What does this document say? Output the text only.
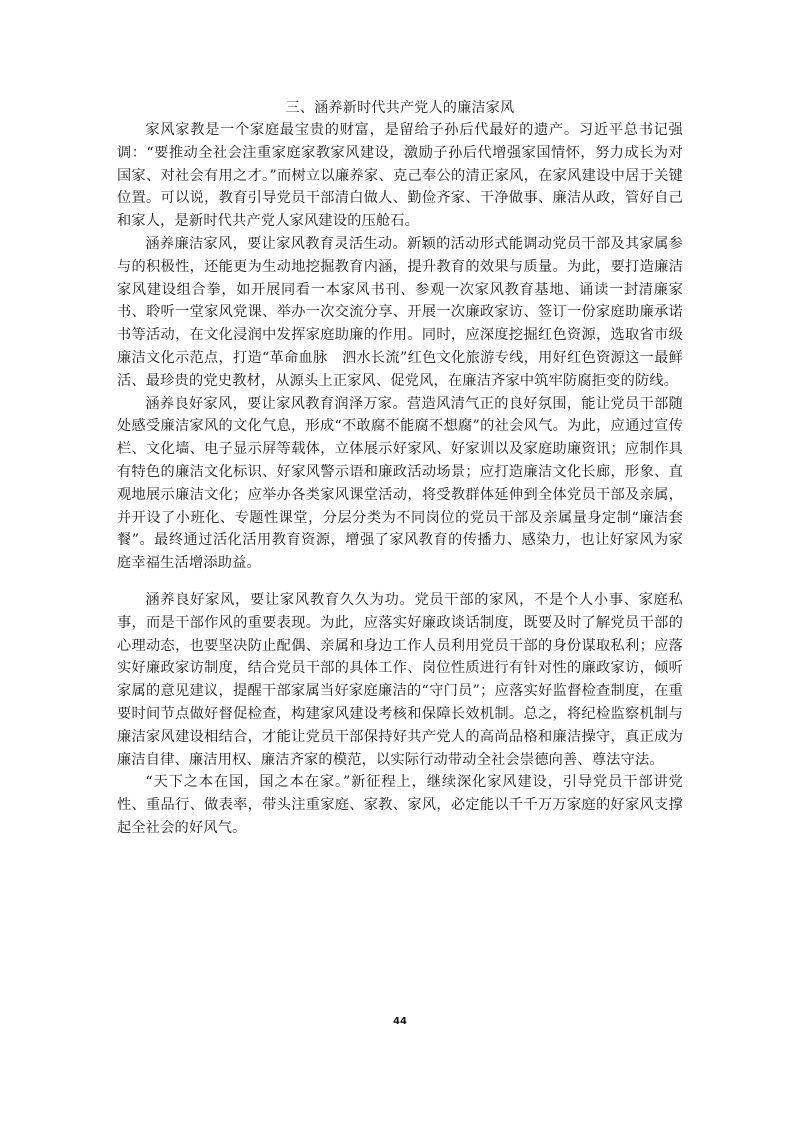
三、涵养新时代共产党人的廉洁家风

家风家教是一个家庭最宝贵的财富，是留给子孙后代最好的遗产。习近平总书记强调：“要推动全社会注重家庭家教家风建设，激励子孙后代增强家国情怀，努力成长为对国家、对社会有用之才。”而树立以廉养家、克己奉公的清正家风，在家风建设中居于关键位置。可以说，教育引导党员干部清白做人、勤俭齐家、干净做事、廉洁从政，管好自己和家人，是新时代共产党人家风建设的压舱石。

涵养廉洁家风，要让家风教育灵活生动。新颖的活动形式能调动党员干部及其家属参与的积极性，还能更为生动地挖掘教育内涵，提升教育的效果与质量。为此，要打造廉洁家风建设组合拳，如开展同看一本家风书刊、参观一次家风教育基地、诵读一封清廉家书、聆听一堂家风党课、举办一次交流分享、开展一次廉政家访、签订一份家庭助廉承诺书等活动，在文化浸润中发挥家庭助廉的作用。同时，应深度挖掘红色资源，选取省市级廉洁文化示范点，打造“革命血脉　泗水长流”红色文化旅游专线，用好红色资源这一最鲜活、最珍贵的党史教材，从源头上正家风、促党风，在廉洁齐家中筑牢防腐拒变的防线。

涵养良好家风，要让家风教育润泽万家。营造风清气正的良好氛围，能让党员干部随处感受廉洁家风的文化气息，形成“不敢腐不能腐不想腐”的社会风气。为此，应通过宣传栏、文化墙、电子显示屏等载体，立体展示好家风、好家训以及家庭助廉资讯；应制作具有特色的廉洁文化标识、好家风警示语和廉政活动场景；应打造廉洁文化长廊，形象、直观地展示廉洁文化；应举办各类家风课堂活动，将受教群体延伸到全体党员干部及亲属，并开设了小班化、专题性课堂，分层分类为不同岗位的党员干部及亲属量身定制“廉洁套餐”。最终通过活化活用教育资源，增强了家风教育的传播力、感染力，也让好家风为家庭幸福生活增添助益。

涵养良好家风，要让家风教育久久为功。党员干部的家风，不是个人小事、家庭私事，而是干部作风的重要表现。为此，应落实好廉政谈话制度，既要及时了解党员干部的心理动态，也要坚决防止配偶、亲属和身边工作人员利用党员干部的身份谋取私利；应落实好廉政家访制度，结合党员干部的具体工作、岗位性质进行有针对性的廉政家访，倾听家属的意见建议，提醒干部家属当好家庭廉洁的“守门员”；应落实好监督检查制度，在重要时间节点做好督促检查，构建家风建设考核和保障长效机制。总之，将纪检监察机制与廉洁家风建设相结合，才能让党员干部保持好共产党人的高尚品格和廉洁操守，真正成为廉洁自律、廉洁用权、廉洁齐家的模范，以实际行动带动全社会崇德向善、尊法守法。

“天下之本在国，国之本在家。”新征程上，继续深化家风建设，引导党员干部讲党性、重品行、做表率，带头注重家庭、家教、家风，必定能以千千万万家庭的好家风支撑起全社会的好风气。

44
